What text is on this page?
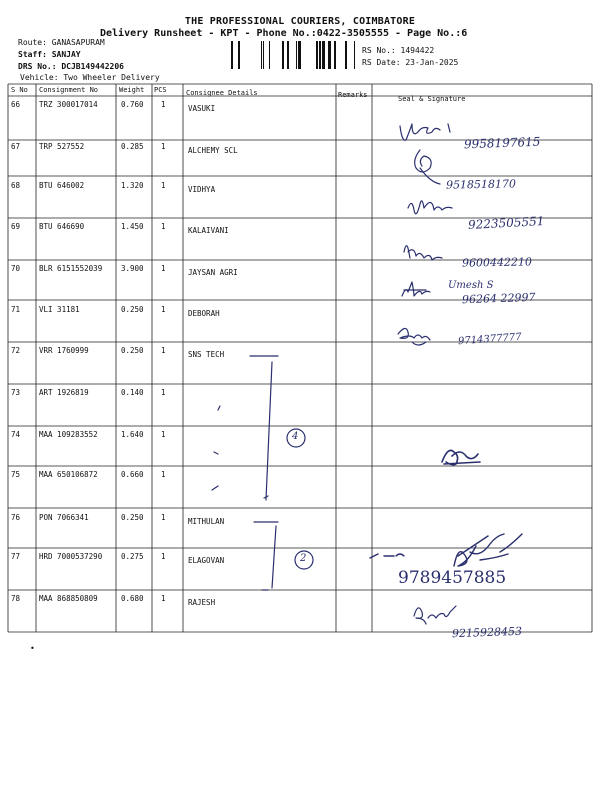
THE PROFESSIONAL COURIERS, COIMBATORE
Delivery Runsheet - KPT - Phone No.:0422-3505555 - Page No.:6
Route: GANASAPURAM
Staff: SANJAY
DRS No.: DCJB149442206
Vehicle: Two Wheeler Delivery
RS No.: 1494422
RS Date: 23-Jan-2025
S No Consignment No	Weight PCS	Consignee Details	Remarks	Seal & Signature
66	TRZ 300017014	0.760 1	VASUKI
67	TRP 527552	0.285 1	ALCHEMY SCL
68	BTU 646002	1.320 1	VIDHYA
69	BTU 646690	1.450 1	KALAIVANI
70	BLR 6151552039	3.900 1	JAYSAN AGRI
71	VLI 31181	0.250 1	DEBORAH
72	VRR 1760999	0.250 1	SNS TECH
73	ART 1926819	0.140 1
74	MAA 109283552	1.640 1
75	MAA 650106872	0.660 1
76	PON 7066341	0.250 1	MITHULAN
77	HRD 7000537290	0.275 1	ELAGOVAN
78	MAA 868850809	0.680 1	RAJESH
9958197615
9518518170
9223505551
9600442210
Umesh S
96264 22997
9714377777
4
2
9789457885
9215928453
•
